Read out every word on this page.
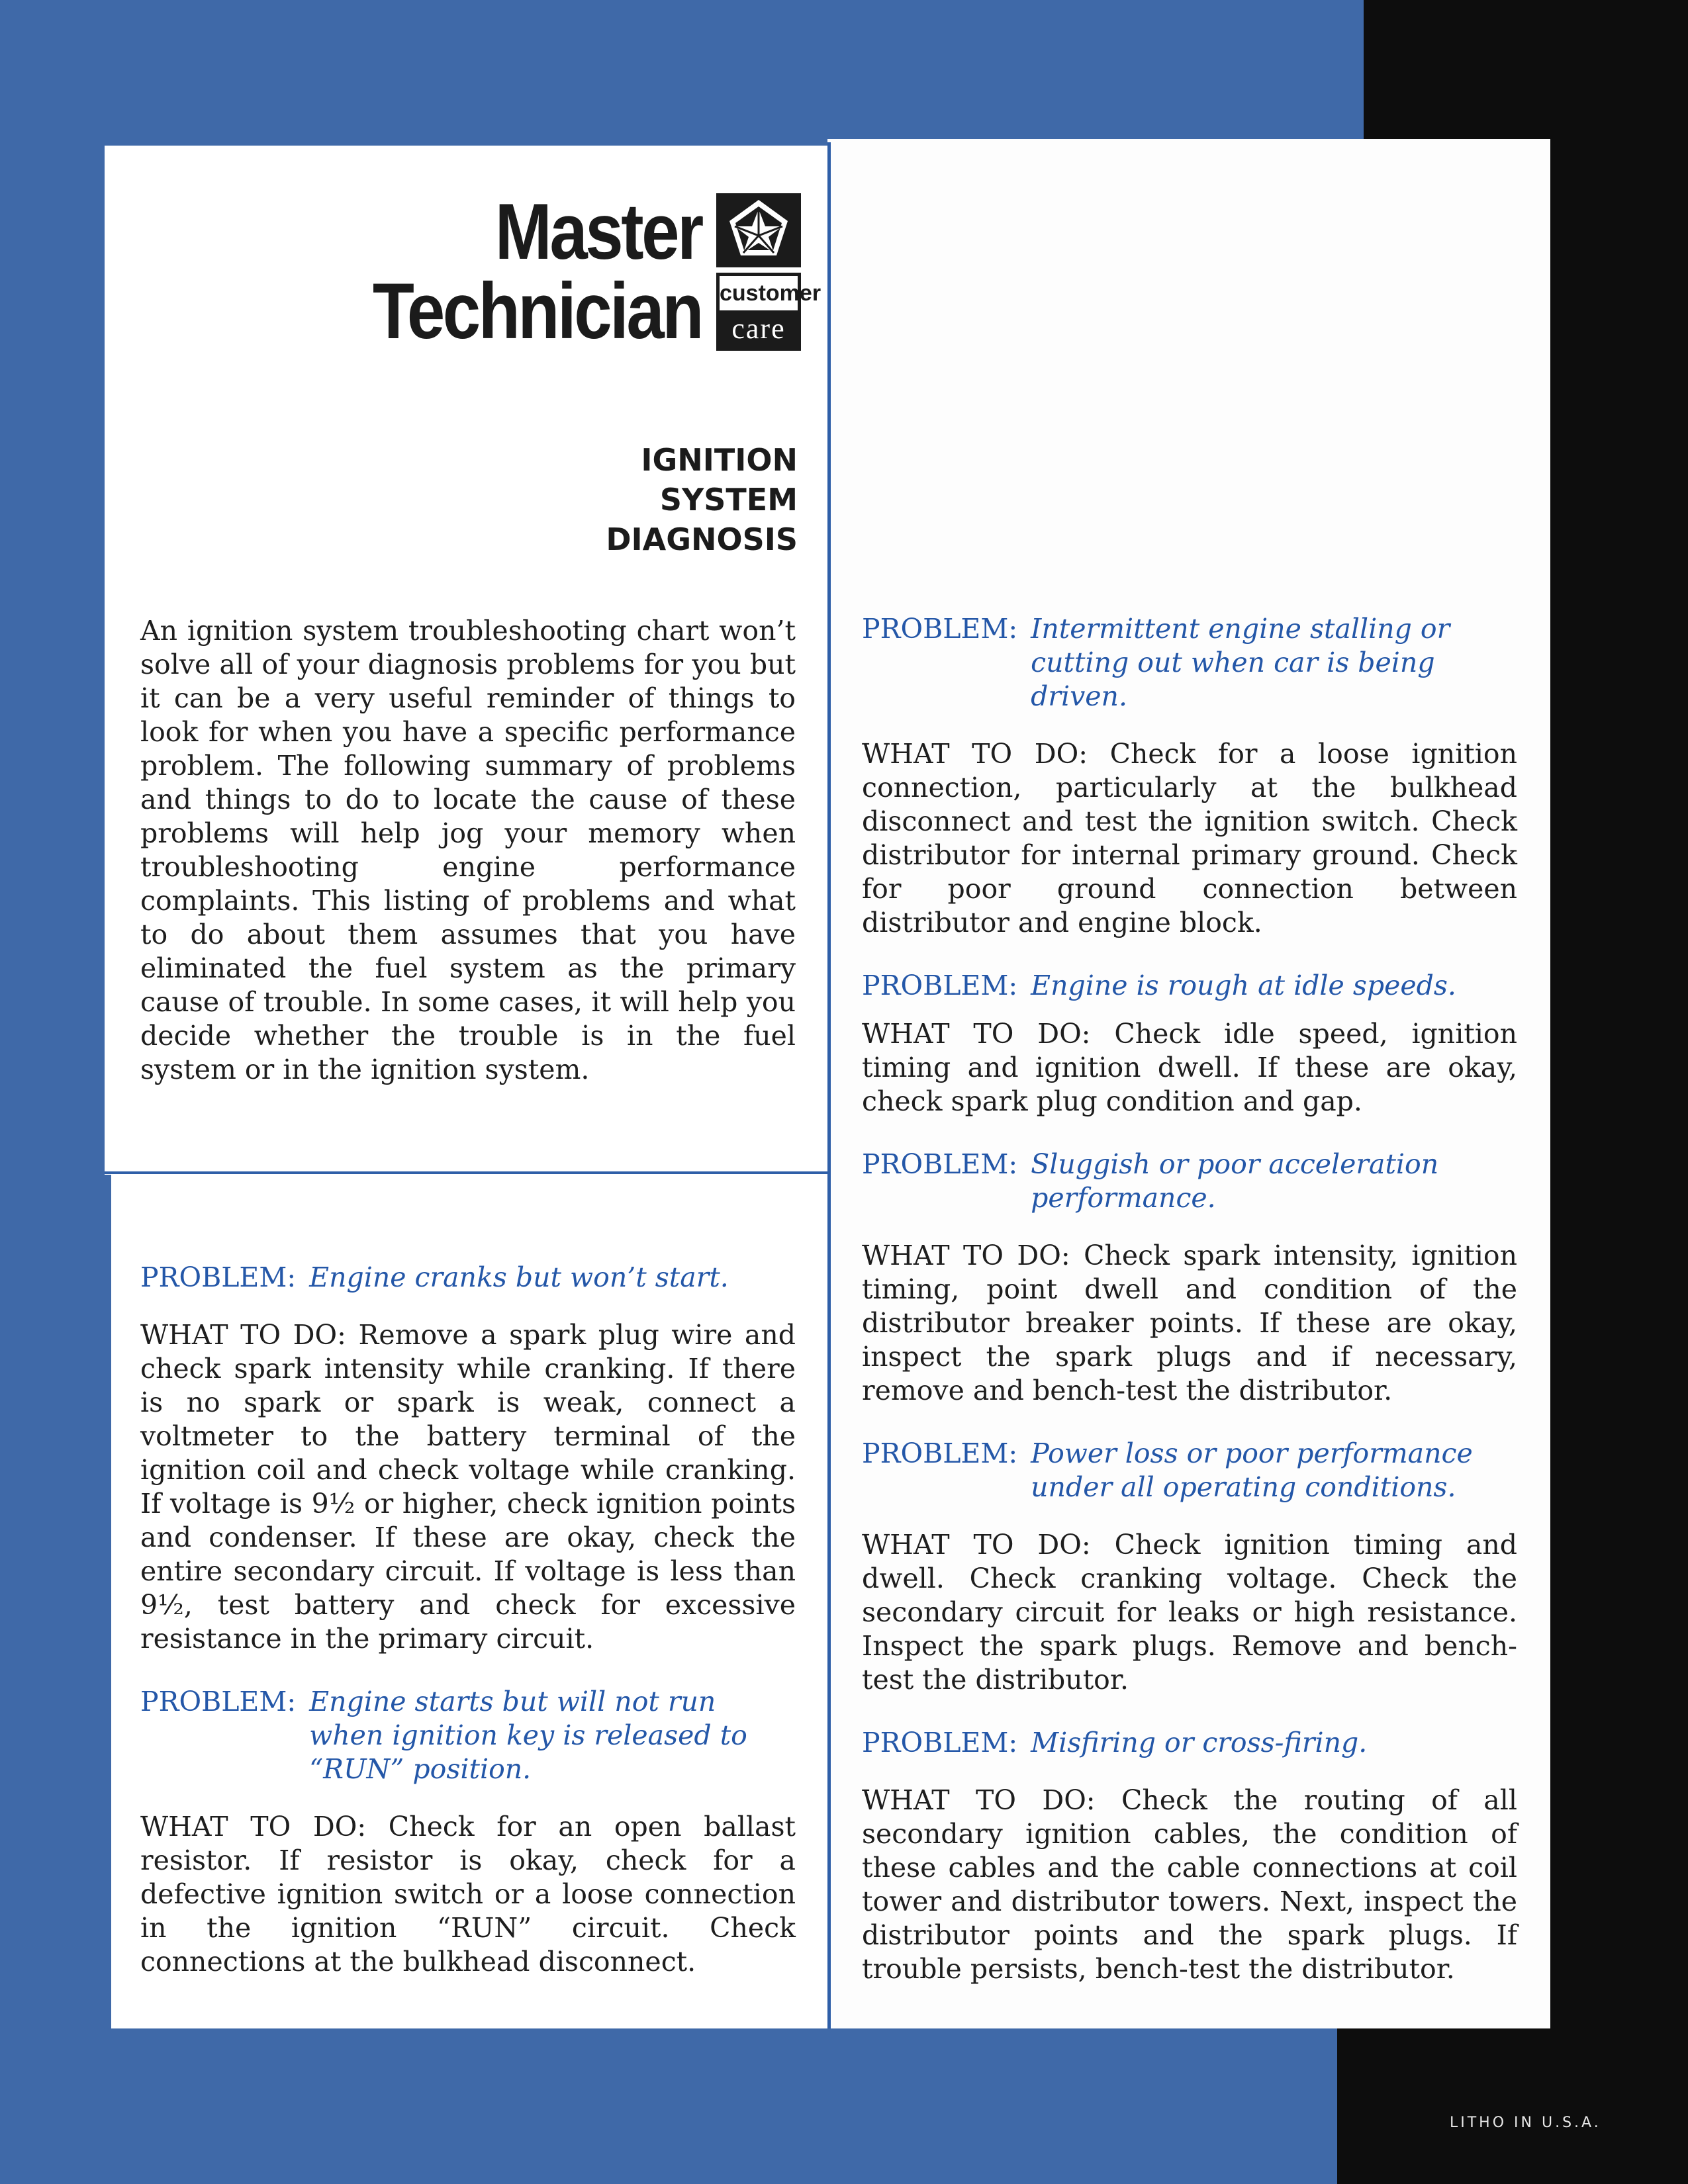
Master
Technician customer
care
IGNITION
SYSTEM
DIAGNOSIS
An ignition system troubleshooting chart won’t solve all of your diagnosis problems for you but it can be a very useful reminder of things to look for when you have a specific performance problem. The following summary of problems and things to do to locate the cause of these problems will help jog your memory when troubleshooting engine performance complaints. This listing of problems and what to do about them assumes that you have eliminated the fuel system as the primary cause of trouble. In some cases, it will help you decide whether the trouble is in the fuel system or in the ignition system.
PROBLEM: Engine cranks but won’t start.
WHAT TO DO: Remove a spark plug wire and check spark intensity while cranking. If there is no spark or spark is weak, connect a voltmeter to the battery terminal of the ignition coil and check voltage while cranking. If voltage is 9½ or higher, check ignition points and condenser. If these are okay, check the entire secondary circuit. If voltage is less than 9½, test battery and check for excessive resistance in the primary circuit.
PROBLEM: Engine starts but will not run when ignition key is released to “RUN” position.
WHAT TO DO: Check for an open ballast resistor. If resistor is okay, check for a defective ignition switch or a loose connection in the ignition “RUN” circuit. Check connections at the bulkhead disconnect.
PROBLEM: Intermittent engine stalling or cutting out when car is being driven.
WHAT TO DO: Check for a loose ignition connection, particularly at the bulkhead disconnect and test the ignition switch. Check distributor for internal primary ground. Check for poor ground connection between distributor and engine block.
PROBLEM: Engine is rough at idle speeds.
WHAT TO DO: Check idle speed, ignition timing and ignition dwell. If these are okay, check spark plug condition and gap.
PROBLEM: Sluggish or poor acceleration performance.
WHAT TO DO: Check spark intensity, ignition timing, point dwell and condition of the distributor breaker points. If these are okay, inspect the spark plugs and if necessary, remove and bench-test the distributor.
PROBLEM: Power loss or poor performance under all operating conditions.
WHAT TO DO: Check ignition timing and dwell. Check cranking voltage. Check the secondary circuit for leaks or high resistance. Inspect the spark plugs. Remove and bench-test the distributor.
PROBLEM: Misfiring or cross-firing.
WHAT TO DO: Check the routing of all secondary ignition cables, the condition of these cables and the cable connections at coil tower and distributor towers. Next, inspect the distributor points and the spark plugs. If trouble persists, bench-test the distributor.
LITHO IN U.S.A.
